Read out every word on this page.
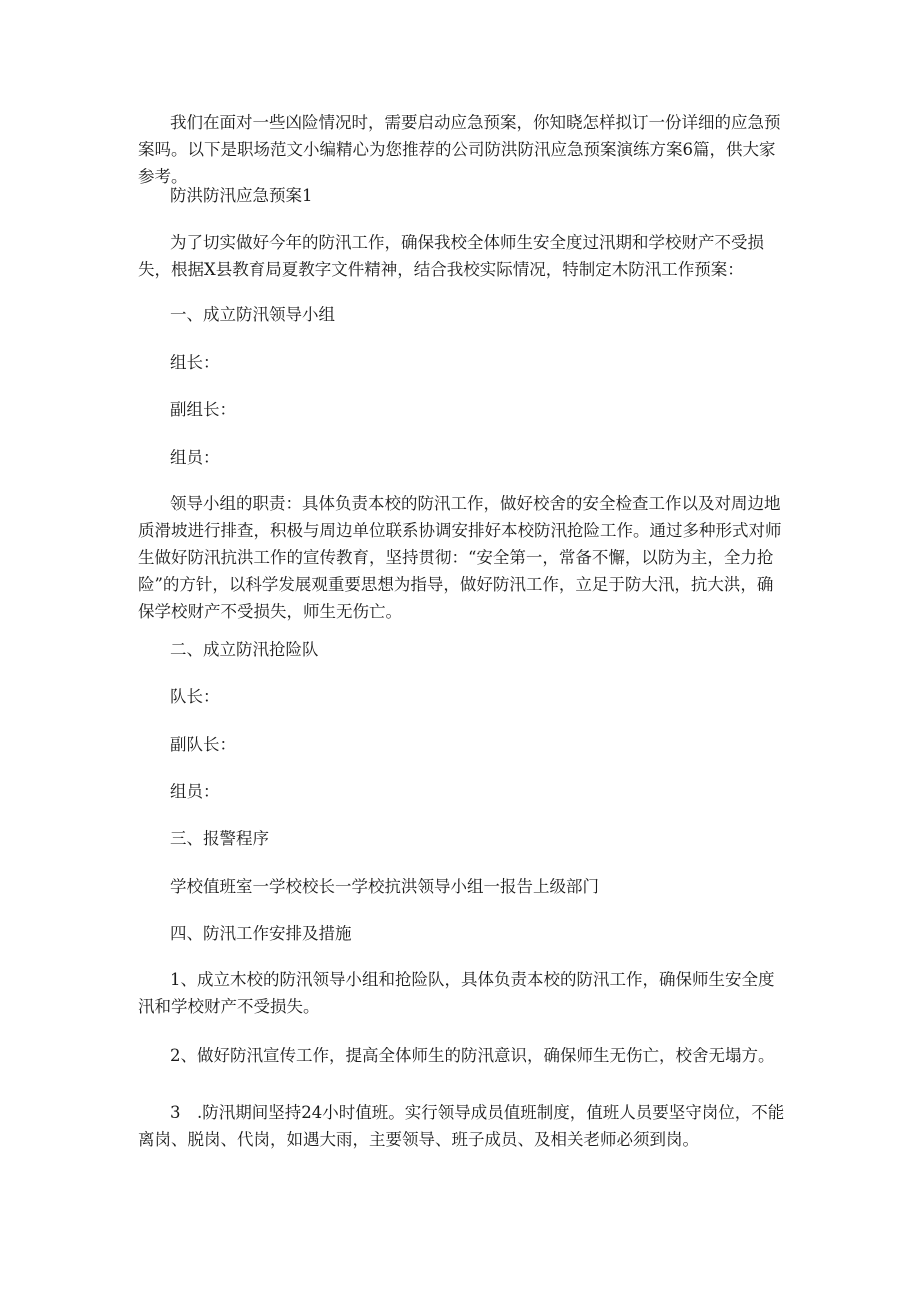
我们在面对一些凶险情况时，需要启动应急预案，你知晓怎样拟订一份详细的应急预案吗。以下是职场范文小编精心为您推荐的公司防洪防汛应急预案演练方案6篇，供大家参考。

防洪防汛应急预案1

为了切实做好今年的防汛工作，确保我校全体师生安全度过汛期和学校财产不受损失，根据X县教育局夏教字文件精神，结合我校实际情况，特制定木防汛工作预案：

一、成立防汛领导小组

组长：

副组长：

组员：

领导小组的职责：具体负责本校的防汛工作，做好校舍的安全检查工作以及对周边地质滑坡进行排查，积极与周边单位联系协调安排好本校防汛抢险工作。通过多种形式对师生做好防汛抗洪工作的宣传教育，坚持贯彻：“安全第一，常备不懈，以防为主，全力抢险”的方针，以科学发展观重要思想为指导，做好防汛工作，立足于防大汛，抗大洪，确保学校财产不受损失，师生无伤亡。

二、成立防汛抢险队

队长：

副队长：

组员：

三、报警程序

学校值班室一学校校长一学校抗洪领导小组一报告上级部门

四、防汛工作安排及措施

1、成立木校的防汛领导小组和抢险队，具体负责本校的防汛工作，确保师生安全度汛和学校财产不受损失。

2、做好防汛宣传工作，提高全体师生的防汛意识，确保师生无伤亡，校舍无塌方。

3　.防汛期间坚持24小时值班。实行领导成员值班制度，值班人员要坚守岗位，不能离岗、脱岗、代岗，如遇大雨，主要领导、班子成员、及相关老师必须到岗。
